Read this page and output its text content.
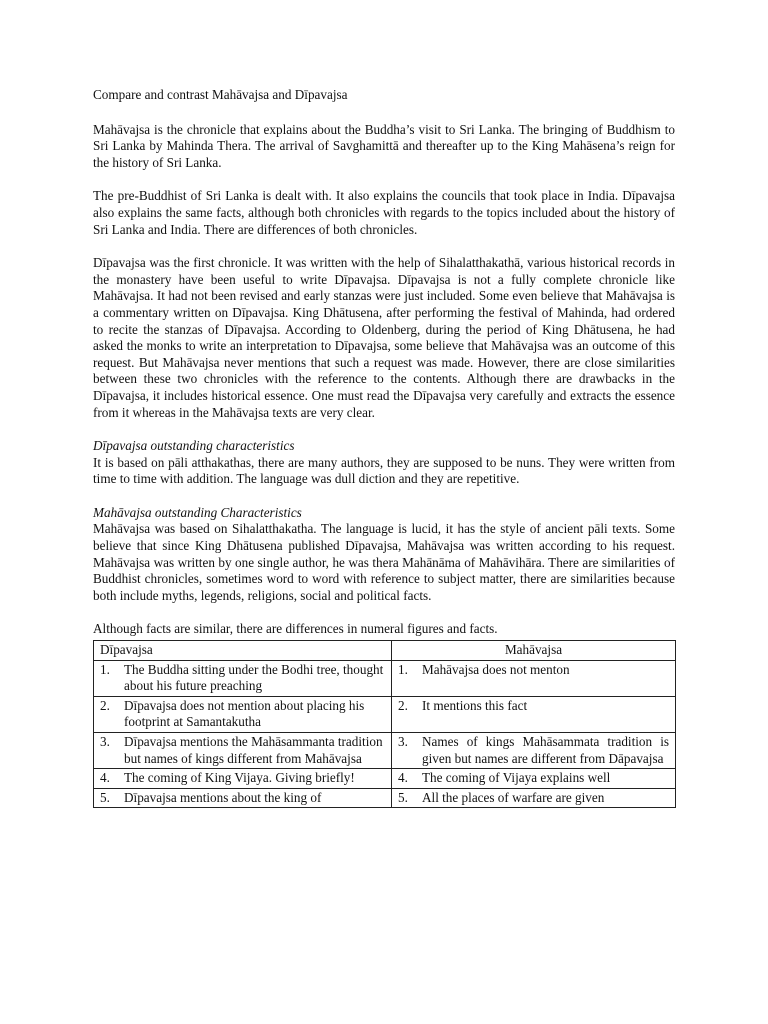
Compare and contrast Mahāvajsa and Dīpavajsa

Mahāvajsa is the chronicle that explains about the Buddha’s visit to Sri Lanka. The bringing of Buddhism to Sri Lanka by Mahinda Thera. The arrival of Savghamittā and thereafter up to the King Mahāsena’s reign for the history of Sri Lanka.

The pre-Buddhist of Sri Lanka is dealt with. It also explains the councils that took place in India. Dīpavajsa also explains the same facts, although both chronicles with regards to the topics included about the history of Sri Lanka and India. There are differences of both chronicles.

Dīpavajsa was the first chronicle. It was written with the help of Sihalatthakathā, various historical records in the monastery have been useful to write Dīpavajsa. Dīpavajsa is not a fully complete chronicle like Mahāvajsa. It had not been revised and early stanzas were just included. Some even believe that Mahāvajsa is a commentary written on Dīpavajsa. King Dhātusena, after performing the festival of Mahinda, had ordered to recite the stanzas of Dīpavajsa. According to Oldenberg, during the period of King Dhātusena, he had asked the monks to write an interpretation to Dīpavajsa, some believe that Mahāvajsa was an outcome of this request. But Mahāvajsa never mentions that such a request was made. However, there are close similarities between these two chronicles with the reference to the contents. Although there are drawbacks in the Dīpavajsa, it includes historical essence. One must read the Dīpavajsa very carefully and extracts the essence from it whereas in the Mahāvajsa texts are very clear.

Dīpavajsa outstanding characteristics

It is based on pāli atthakathas, there are many authors, they are supposed to be nuns. They were written from time to time with addition. The language was dull diction and they are repetitive.

Mahāvajsa outstanding Characteristics

Mahāvajsa was based on Sihalatthakatha. The language is lucid, it has the style of ancient pāli texts. Some believe that since King Dhātusena published Dīpavajsa, Mahāvajsa was written according to his request. Mahāvajsa was written by one single author, he was thera Mahānāma of Mahāvihāra. There are similarities of Buddhist chronicles, sometimes word to word with reference to subject matter, there are similarities because both include myths, legends, religions, social and political facts.

Although facts are similar, there are differences in numeral figures and facts.
Dīpavajsa	Mahāvajsa

1. The Buddha sitting under the Bodhi tree, thought about his future preaching	1. Mahāvajsa does not menton

2. Dīpavajsa does not mention about placing his footprint at Samantakutha	2. It mentions this fact

3. Dīpavajsa mentions the Mahāsammanta tradition but names of kings different from Mahāvajsa	3. Names of kings Mahāsammata tradition is given but names are different from Dāpavajsa

4. The coming of King Vijaya. Giving briefly!	4. The coming of Vijaya explains well

5. Dīpavajsa mentions about the king of	5. All the places of warfare are given
